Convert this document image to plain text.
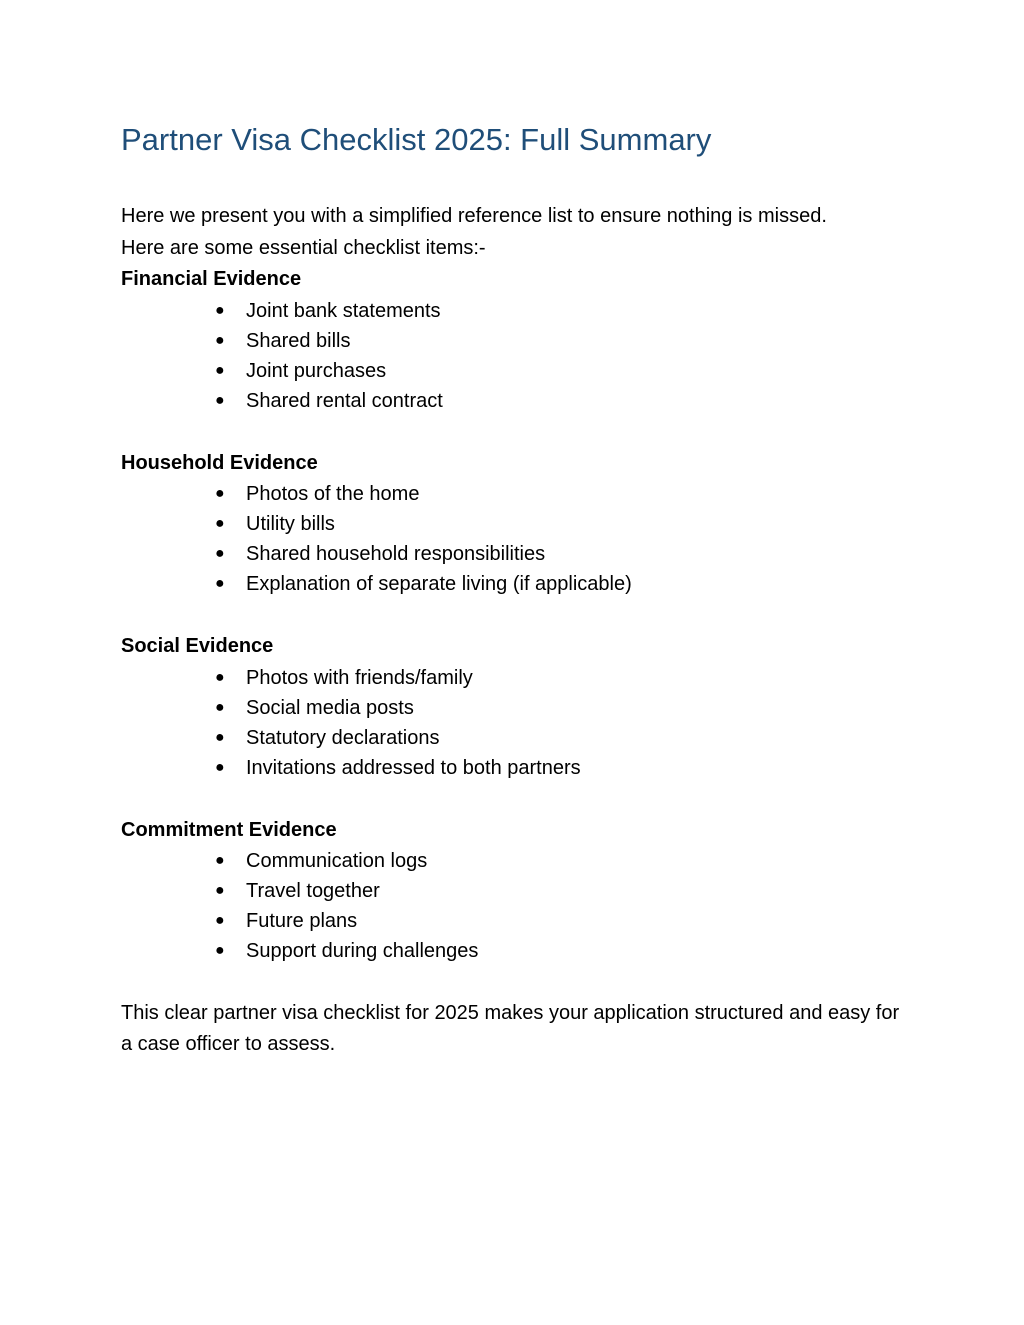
Partner Visa Checklist 2025: Full Summary

Here we present you with a simplified reference list to ensure nothing is missed.

Here are some essential checklist items:-

Financial Evidence
● Joint bank statements
● Shared bills
● Joint purchases
● Shared rental contract
Household Evidence
● Photos of the home
● Utility bills
● Shared household responsibilities
● Explanation of separate living (if applicable)
Social Evidence
● Photos with friends/family
● Social media posts
● Statutory declarations
● Invitations addressed to both partners
Commitment Evidence
● Communication logs
● Travel together
● Future plans
● Support during challenges

This clear partner visa checklist for 2025 makes your application structured and easy for a case officer to assess.
